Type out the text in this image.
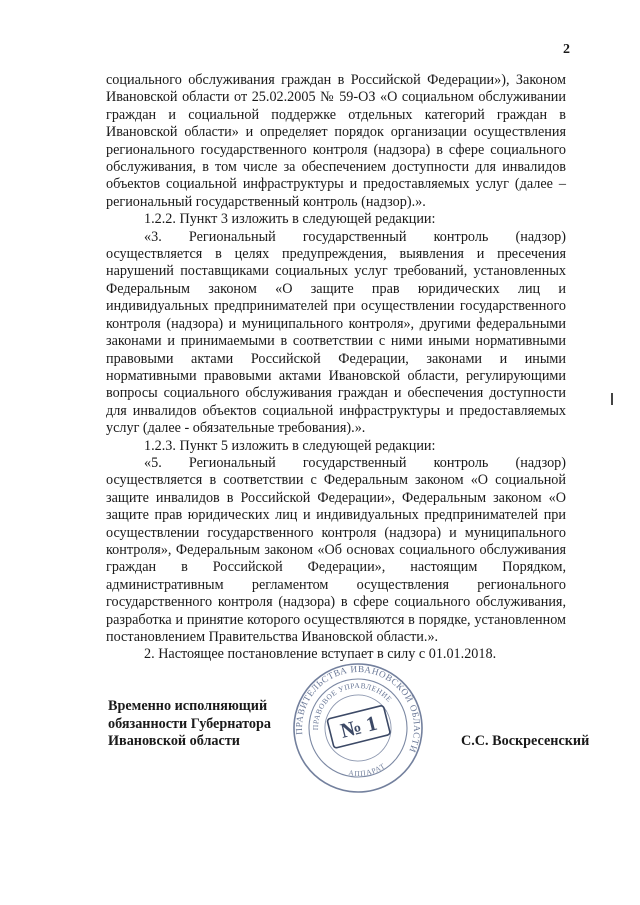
2

социального обслуживания граждан в Российской Федерации»), Законом Ивановской области от 25.02.2005 № 59-ОЗ «О социальном обслуживании граждан и социальной поддержке отдельных категорий граждан в Ивановской области» и определяет порядок организации осуществления регионального государственного контроля (надзора) в сфере социального обслуживания, в том числе за обеспечением доступности для инвалидов объектов социальной инфраструктуры и предоставляемых услуг (далее – региональный государственный контроль (надзор).».

1.2.2. Пункт 3 изложить в следующей редакции:

«3. Региональный государственный контроль (надзор) осуществляется в целях предупреждения, выявления и пресечения нарушений поставщиками социальных услуг требований, установленных Федеральным законом «О защите прав юридических лиц и индивидуальных предпринимателей при осуществлении государственного контроля (надзора) и муниципального контроля», другими федеральными законами и принимаемыми в соответствии с ними иными нормативными правовыми актами Российской Федерации, законами и иными нормативными правовыми актами Ивановской области, регулирующими вопросы социального обслуживания граждан и обеспечения доступности для инвалидов объектов социальной инфраструктуры и предоставляемых услуг (далее - обязательные требования).».

1.2.3. Пункт 5 изложить в следующей редакции:

«5. Региональный государственный контроль (надзор) осуществляется в соответствии с Федеральным законом «О социальной защите инвалидов в Российской Федерации», Федеральным законом «О защите прав юридических лиц и индивидуальных предпринимателей при осуществлении государственного контроля (надзора) и муниципального контроля», Федеральным законом «Об основах социального обслуживания граждан в Российской Федерации», настоящим Порядком, административным регламентом осуществления регионального государственного контроля (надзора) в сфере социального обслуживания, разработка и принятие которого осуществляются в порядке, установленном постановлением Правительства Ивановской области.».

2. Настоящее постановление вступает в силу с 01.01.2018.

Временно исполняющий
обязанности Губернатора
Ивановской области
ПРАВИТЕЛЬСТВА ИВАНОВСКОЙ ОБЛАСТИ
ПРАВОВОЕ УПРАВЛЕНИЕ
АППАРАТ
№ 1	С.С. Воскресенский
